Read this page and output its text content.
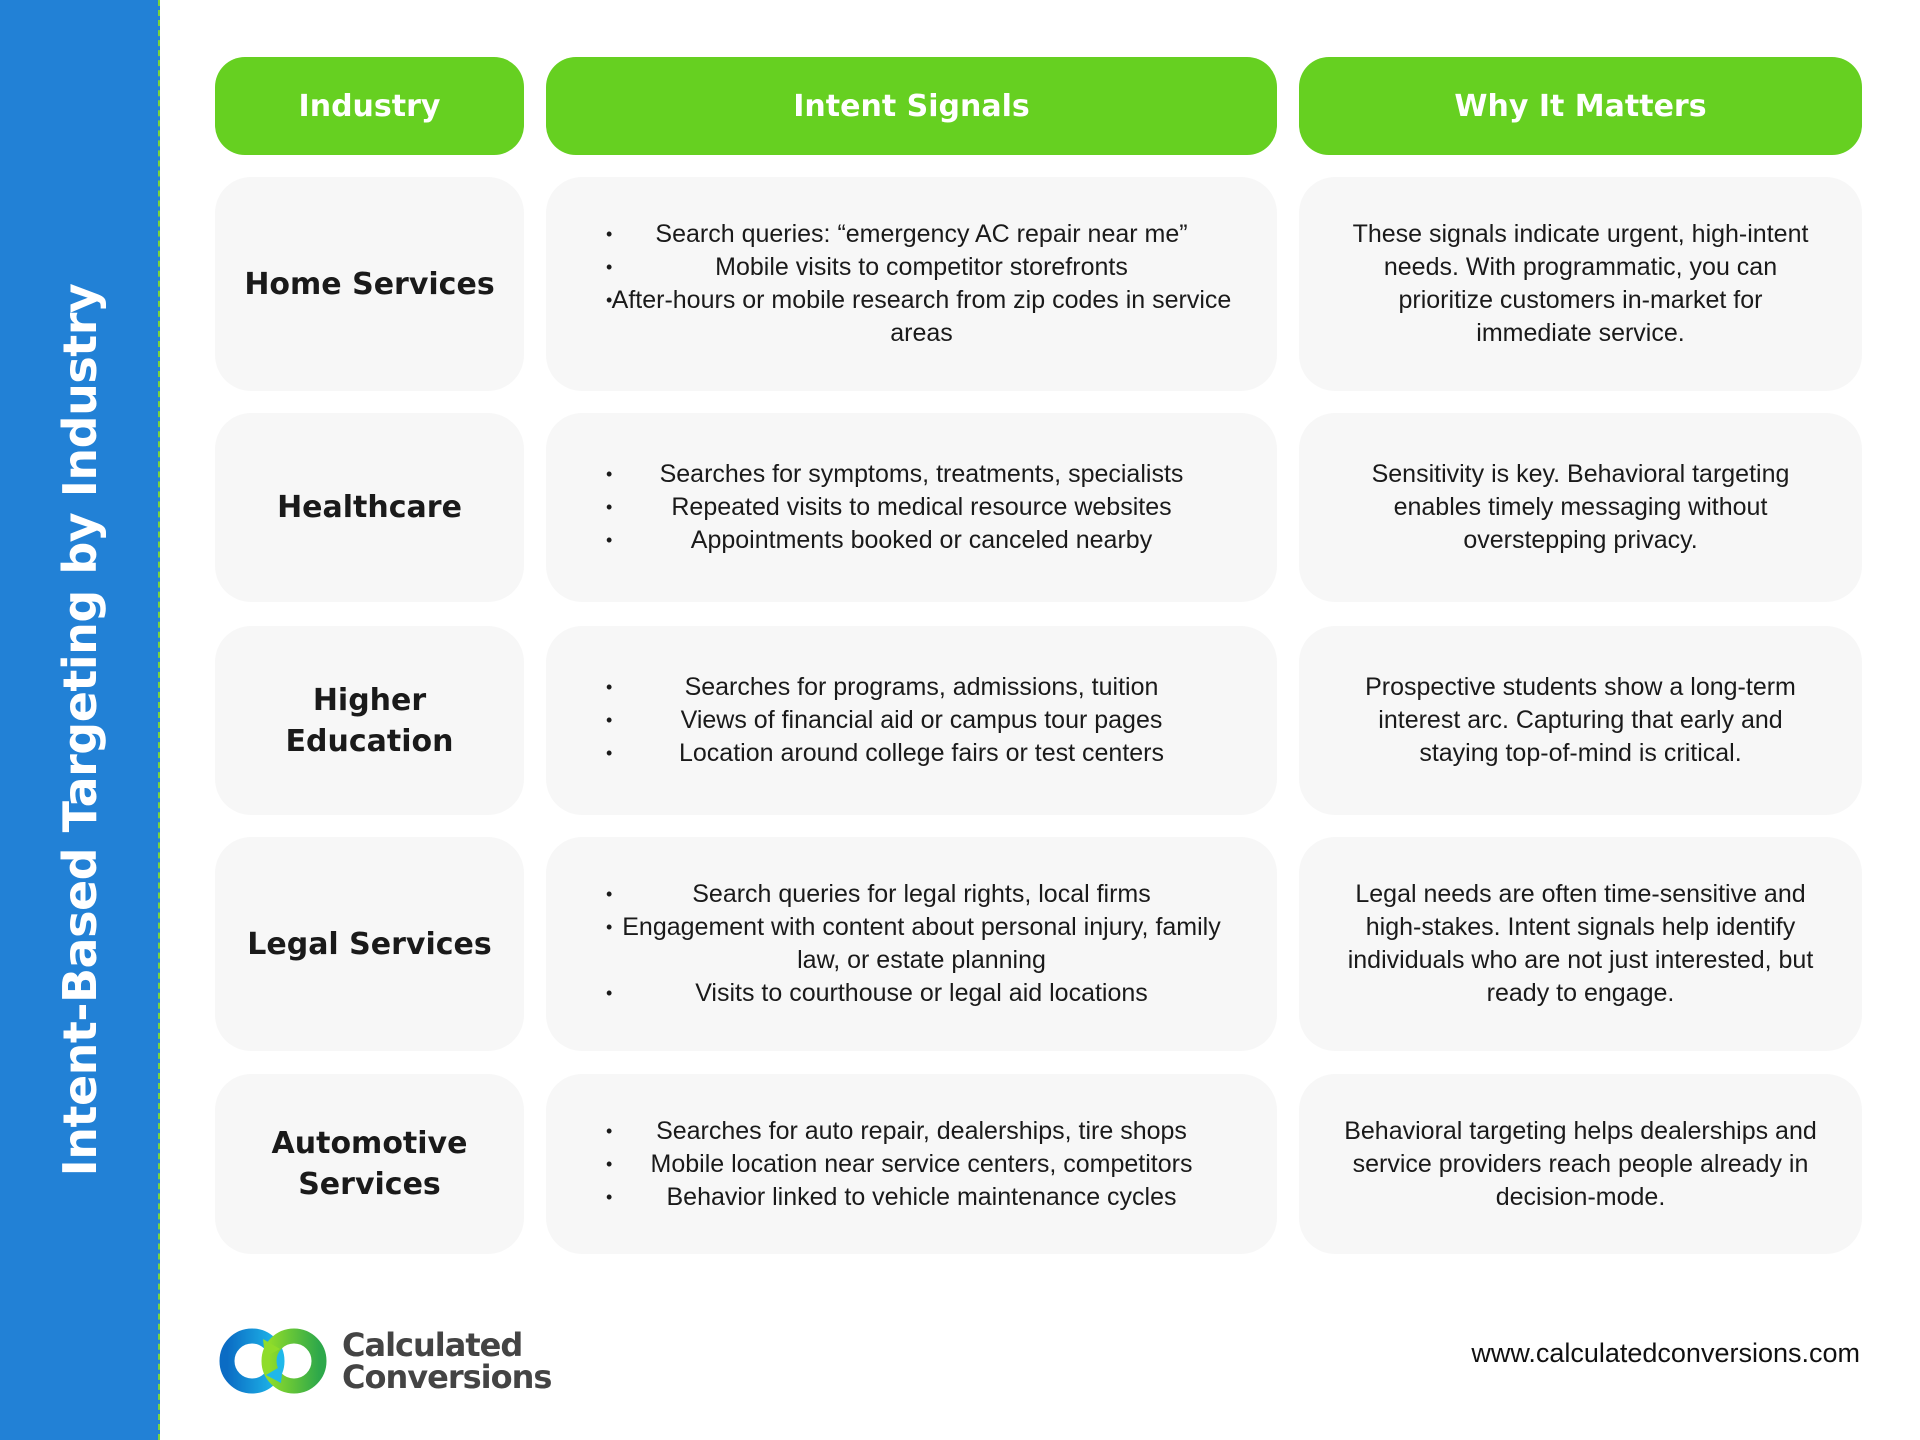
Intent-Based Targeting by Industry
Industry	Intent Signals	Why It Matters
Home Services
• Search queries: “emergency AC repair near me”
• Mobile visits to competitor storefronts
• After-hours or mobile research from zip codes in service areas
These signals indicate urgent, high-intent needs. With programmatic, you can prioritize customers in-market for immediate service.
Healthcare
• Searches for symptoms, treatments, specialists
• Repeated visits to medical resource websites
• Appointments booked or canceled nearby
Sensitivity is key. Behavioral targeting enables timely messaging without overstepping privacy.
Higher Education
• Searches for programs, admissions, tuition
• Views of financial aid or campus tour pages
• Location around college fairs or test centers
Prospective students show a long-term interest arc. Capturing that early and staying top-of-mind is critical.
Legal Services
• Search queries for legal rights, local firms
• Engagement with content about personal injury, family law, or estate planning
• Visits to courthouse or legal aid locations
Legal needs are often time-sensitive and high-stakes. Intent signals help identify individuals who are not just interested, but ready to engage.
Automotive Services
• Searches for auto repair, dealerships, tire shops
• Mobile location near service centers, competitors
• Behavior linked to vehicle maintenance cycles
Behavioral targeting helps dealerships and service providers reach people already in decision-mode.
Calculated
Conversions
www.calculatedconversions.com
